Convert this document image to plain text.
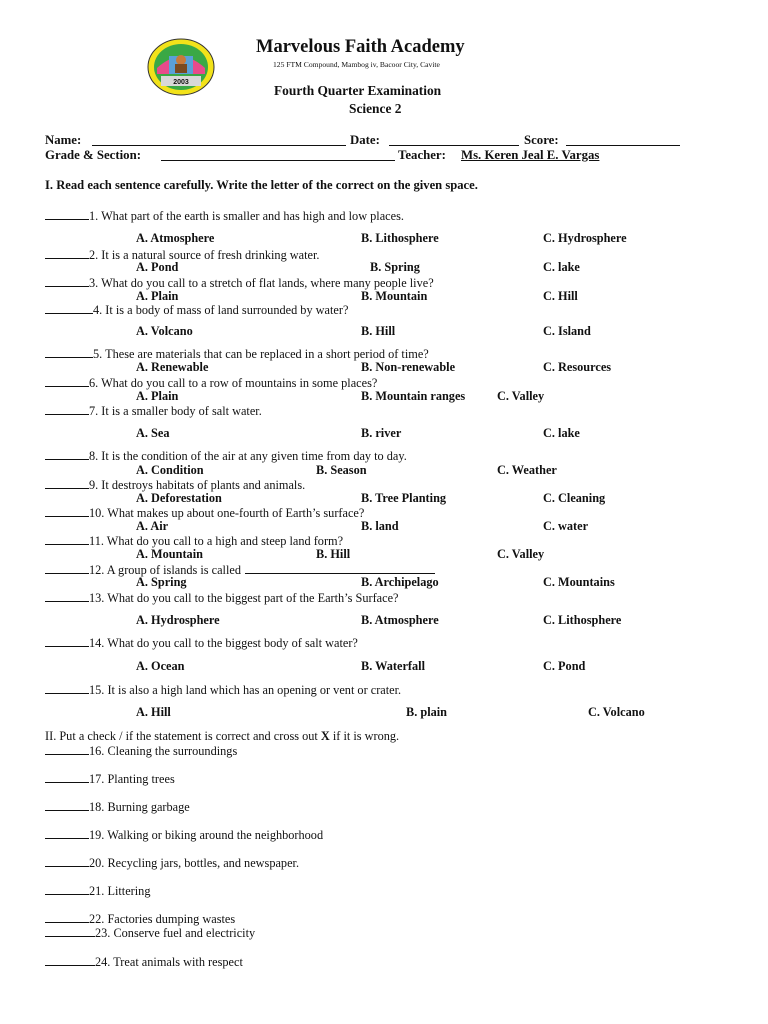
2003
Marvelous Faith Academy
125 FTM Compound, Mambog iv, Bacoor City, Cavite
Fourth Quarter Examination
Science 2
Name:	Date:	Score:
Grade & Section:	Teacher: Ms. Keren Jeal E. Vargas
I. Read each sentence carefully. Write the letter of the correct on the given space.
1. What part of the earth is smaller and has high and low places.
A. Atmosphere	B. Lithosphere	C. Hydrosphere
2. It is a natural source of fresh drinking water.
A. Pond	B. Spring	C. lake
3. What do you call to a stretch of flat lands, where many people live?
A. Plain	B. Mountain	C. Hill
4. It is a body of mass of land surrounded by water?
A. Volcano	B. Hill	C. Island
5. These are materials that can be replaced in a short period of time?
A. Renewable	B. Non-renewable	C. Resources
6. What do you call to a row of mountains in some places?
A. Plain	B. Mountain ranges	C. Valley
7. It is a smaller body of salt water.
A. Sea	B. river	C. lake
8. It is the condition of the air at any given time from day to day.
A. Condition	B. Season	C. Weather
9. It destroys habitats of plants and animals.
A. Deforestation	B. Tree Planting	C. Cleaning
10. What makes up about one-fourth of Earth’s surface?
A. Air	B. land	C. water
11. What do you call to a high and steep land form?
A. Mountain	B. Hill	C. Valley
12. A group of islands is called
A. Spring	B. Archipelago	C. Mountains
13. What do you call to the biggest part of the Earth’s Surface?
A. Hydrosphere	B. Atmosphere	C. Lithosphere
14. What do you call to the biggest body of salt water?
A. Ocean	B. Waterfall	C. Pond
15. It is also a high land which has an opening or vent or crater.
A. Hill	B. plain	C. Volcano
II. Put a check / if the statement is correct and cross out X if it is wrong.
16. Cleaning the surroundings
17. Planting trees
18. Burning garbage
19. Walking or biking around the neighborhood
20. Recycling jars, bottles, and newspaper.
21. Littering
22. Factories dumping wastes
23. Conserve fuel and electricity
24. Treat animals with respect
